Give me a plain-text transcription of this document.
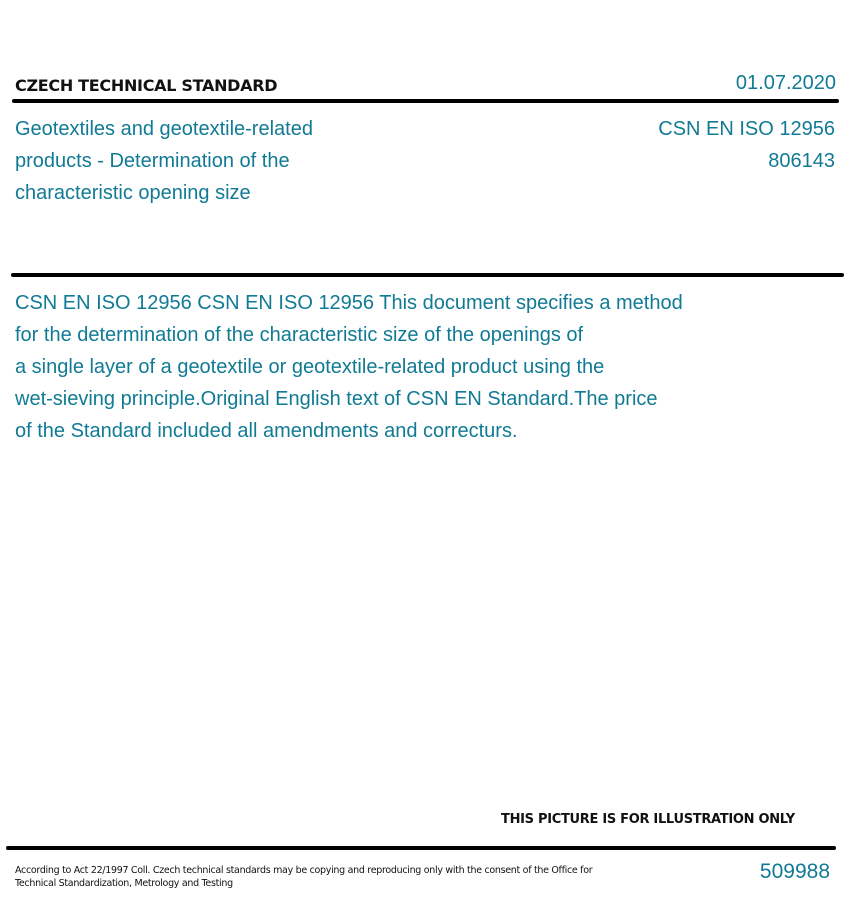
CZECH TECHNICAL STANDARD	01.07.2020
Geotextiles and geotextile-related products - Determination of the characteristic opening size
CSN EN ISO 12956
806143
CSN EN ISO 12956 CSN EN ISO 12956 This document specifies a method
for the determination of the characteristic size of the openings of
a single layer of a geotextile or geotextile-related product using the
wet-sieving principle.Original English text of CSN EN Standard.The price
of the Standard included all amendments and correcturs.
THIS PICTURE IS FOR ILLUSTRATION ONLY
According to Act 22/1997 Coll. Czech technical standards may be copying and reproducing only with the consent of the Office for Technical Standardization, Metrology and Testing
509988
